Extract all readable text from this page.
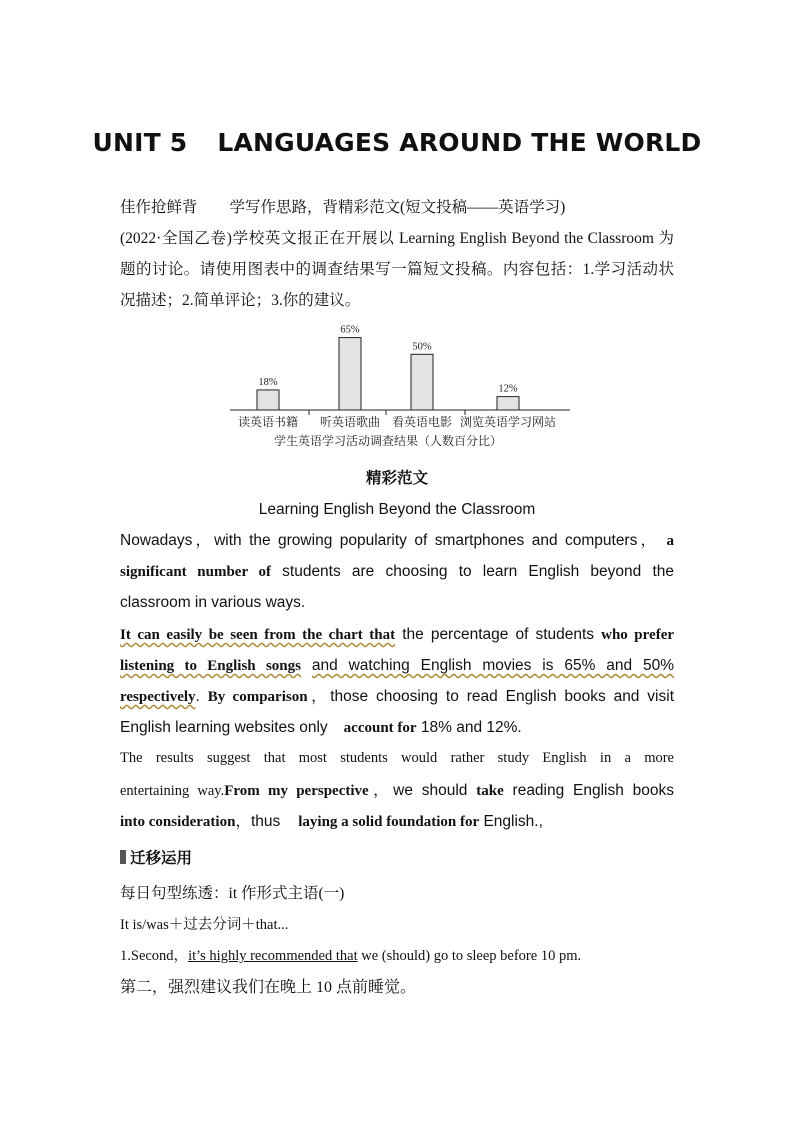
UNIT 5 LANGUAGES AROUND THE WORLD
佳作抢鲜背 学写作思路，背精彩范文(短文投稿——英语学习)
(2022·全国乙卷)学校英文报正在开展以 Learning English Beyond the Classroom 为
题的讨论。请使用图表中的调查结果写一篇短文投稿。内容包括：1.学习活动状
况描述；2.简单评论；3.你的建议。
18%
读英语书籍
65%
听英语歌曲
50%
看英语电影
12%
浏览英语学习网站
学生英语学习活动调查结果（人数百分比）
精彩范文
Learning English Beyond the Classroom
Nowadays，with the growing popularity of smartphones and computers， a
significant number of students are choosing to learn English beyond the
classroom in various ways.
It can easily be seen from the chart that the percentage of students who prefer
listening to English songs and watching English movies is 65% and 50%
respectively. By comparison，those choosing to read English books and visit
English learning websites only account for 18% and 12%.
The results suggest that most students would rather study English in a more
entertaining way.From my perspective，we should take reading English books
into consideration，thus laying a solid foundation for English.,
迁移运用
每日句型练透：it 作形式主语(一)
It is/was＋过去分词＋that...
1.Second，it’s highly recommended that we (should) go to sleep before 10 pm.
第二，强烈建议我们在晚上 10 点前睡觉。
